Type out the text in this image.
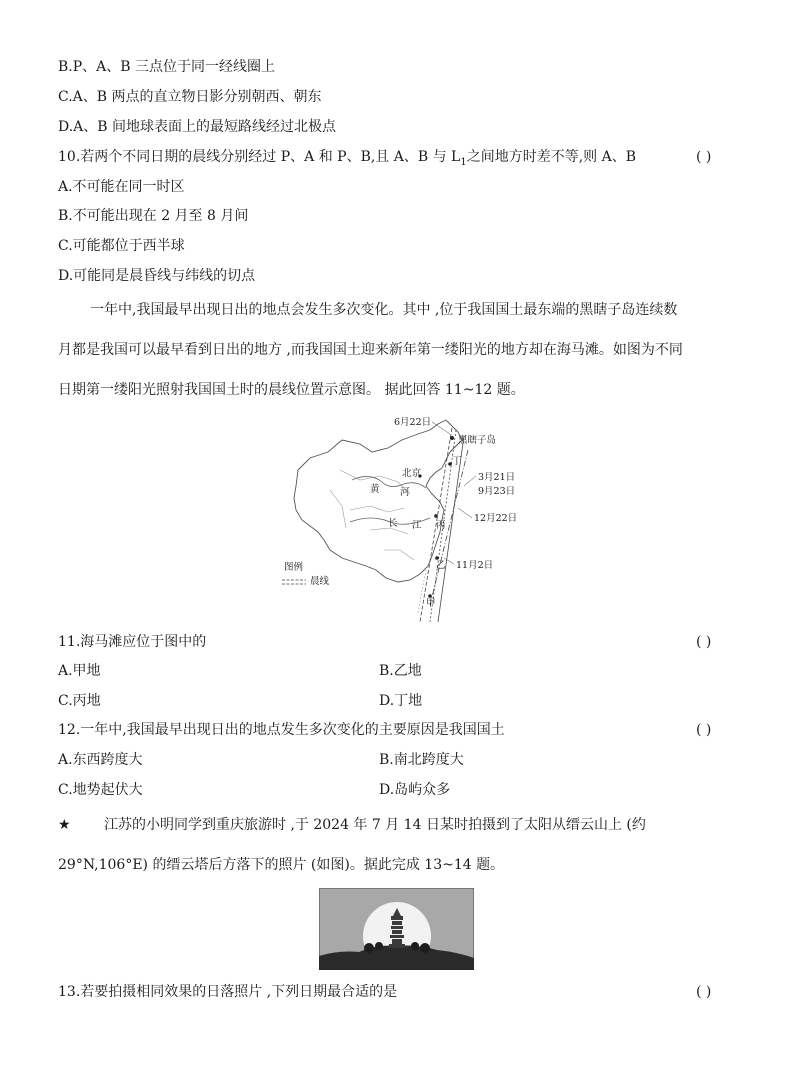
B.P、A、B 三点位于同一经线圈上
C.A、B 两点的直立物日影分别朝西、朝东
D.A、B 间地球表面上的最短路线经过北极点
10.若两个不同日期的晨线分别经过 P、A 和 P、B,且 A、B 与 $L_1$之间地方时差不等,则 A、B	( )
A.不可能在同一时区
B.不可能出现在 2 月至 8 月间
C.可能都位于西半球
D.可能同是晨昏线与纬线的切点
一年中,我国最早出现日出的地点会发生多次变化。其中 ,位于我国国土最东端的黑瞎子岛连续数
月都是我国可以最早看到日出的地方 ,而我国国土迎来新年第一缕阳光的地方却在海马滩。如图为不同
日期第一缕阳光照射我国国土时的晨线位置示意图。 据此回答 11~12 题。
6月22日
黑瞎子岛
北京
丁
黄 河
3月21日
9月23日
长 江 丙
12月22日
乙 11月2日
甲
图例
晨线
11.海马滩应位于图中的	( )
A.甲地	B.乙地
C.丙地	D.丁地
12.一年中,我国最早出现日出的地点发生多次变化的主要原因是我国国土	( )
A.东西跨度大	B.南北跨度大
C.地势起伏大	D.岛屿众多
★ 江苏的小明同学到重庆旅游时 ,于 2024 年 7 月 14 日某时拍摄到了太阳从缙云山上 (约
29°N,106°E) 的缙云塔后方落下的照片 (如图)。据此完成 13~14 题。
13.若要拍摄相同效果的日落照片 ,下列日期最合适的是	( )
